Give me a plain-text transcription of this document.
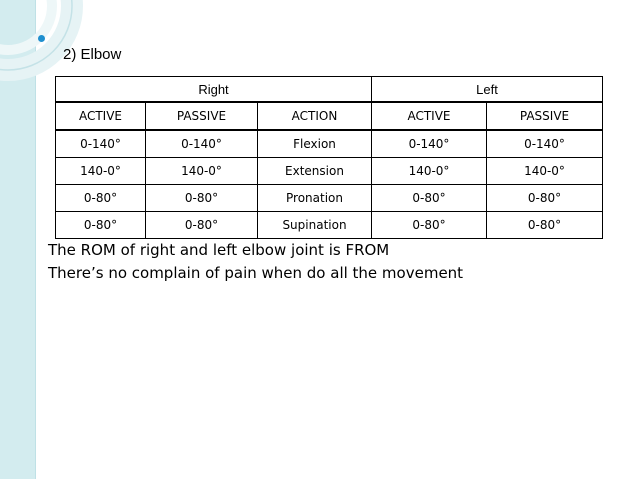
2) Elbow
Right			Left	
ACTIVE	PASSIVE	ACTION	ACTIVE	PASSIVE
0-140°	0-140°	Flexion	0-140°	0-140°
140-0°	140-0°	Extension	140-0°	140-0°
0-80°	0-80°	Pronation	0-80°	0-80°
0-80°	0-80°	Supination	0-80°	0-80°
The ROM of right and left elbow joint is FROM
There’s no complain of pain when do all the movement
